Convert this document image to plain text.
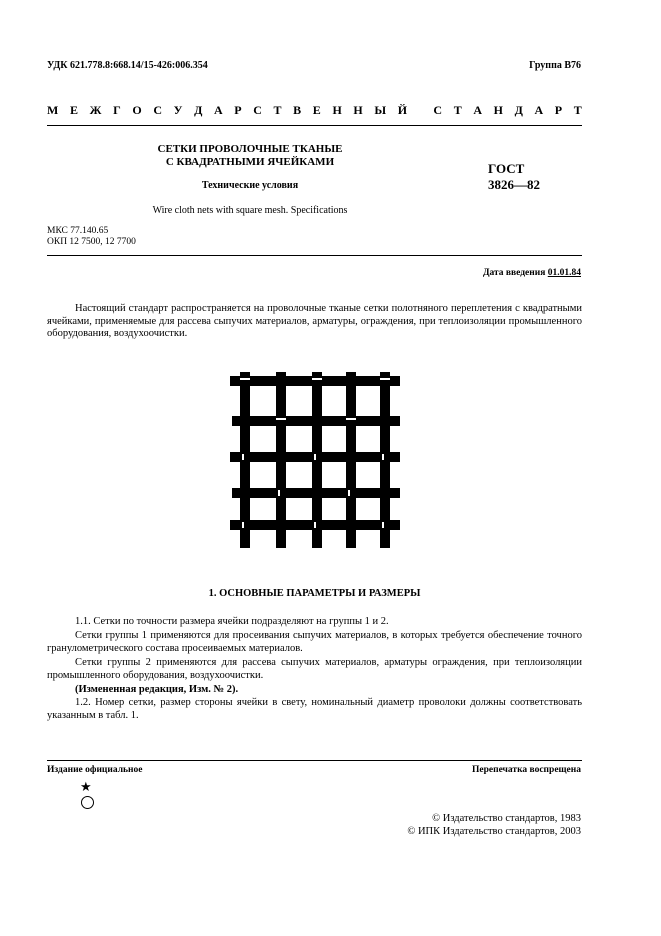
УДК 621.778.8:668.14/15-426:006.354	Группа В76
М Е Ж Г О С У Д А Р С Т В Е Н Н Ы Й
С Т А Н Д А Р Т
СЕТКИ ПРОВОЛОЧНЫЕ ТКАНЫЕ
С КВАДРАТНЫМИ ЯЧЕЙКАМИ
Технические условия
Wire cloth nets with square mesh. Specifications
ГОСТ
3826—82
МКС 77.140.65
ОКП 12 7500, 12 7700
Дата введения 01.01.84
Настоящий стандарт распространяется на проволочные тканые сетки полотняного переплетения с квадратными ячейками, применяемые для рассева сыпучих материалов, арматуры, ограждения, при теплоизоляции промышленного оборудования, воздухоочистки.
1. ОСНОВНЫЕ ПАРАМЕТРЫ И РАЗМЕРЫ
1.1. Сетки по точности размера ячейки подразделяют на группы 1 и 2.
Сетки группы 1 применяются для просеивания сыпучих материалов, в которых требуется обеспечение точного гранулометрического состава просеиваемых материалов.
Сетки группы 2 применяются для рассева сыпучих материалов, арматуры ограждения, при теплоизоляции промышленного оборудования, воздухоочистки.
(Измененная редакция, Изм. № 2).
1.2. Номер сетки, размер стороны ячейки в свету, номинальный диаметр проволоки должны соответствовать указанным в табл. 1.
Издание официальное	Перепечатка воспрещена
★
© Издательство стандартов, 1983
© ИПК Издательство стандартов, 2003
